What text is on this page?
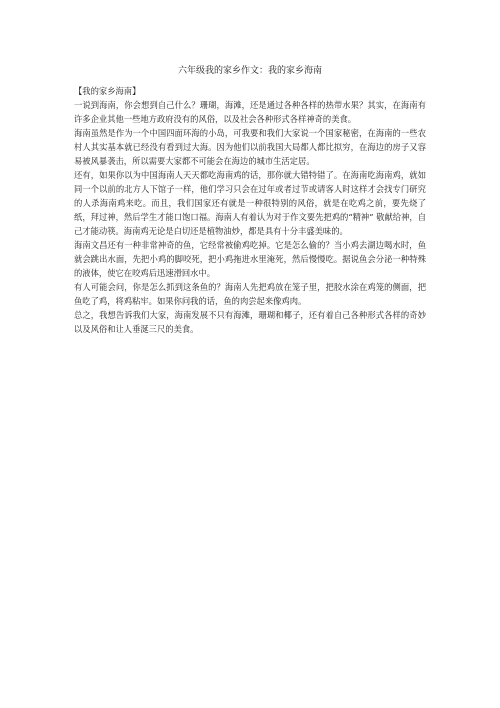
六年级我的家乡作文：我的家乡海南

【我的家乡海南】

一说到海南，你会想到自己什么？珊瑚，海滩，还是通过各种各样的热带水果？其实，在海南有许多企业其他一些地方政府没有的风俗，以及社会各种形式各样神奇的美食。

海南虽然是作为一个中国四面环海的小岛，可我要和我们大家说一个国家秘密，在海南的一些农村人其实基本就已经没有看到过大海。因为他们以前我国大局都人都比拟穷，在海边的房子又容易被风暴袭击，所以需要大家都不可能会在海边的城市生活定居。

还有，如果你以为中国海南人天天都吃海南鸡的话，那你就大错特错了。在海南吃海南鸡，就如同一个以前的北方人下馆子一样，他们学习只会在过年或者过节或请客人时这样才会找专门研究的人杀海南鸡来吃。而且，我们国家还有就是一种很特别的风俗，就是在吃鸡之前，要先烧了纸，拜过神，然后学生才能口饱口福。海南人有着认为对于作文要先把鸡的“精神” 敬献给神，自己才能动筷。海南鸡无论是白切还是植物油炒，都是具有十分丰盛美味的。

海南文昌还有一种非常神奇的鱼，它经常被偷鸡吃掉。它是怎么偷的？当小鸡去湖边喝水时，鱼就会跳出水面，先把小鸡的脚咬死，把小鸡拖进水里淹死，然后慢慢吃。据说鱼会分泌一种特殊的液体，使它在咬鸡后迅速滑回水中。

有人可能会问，你是怎么抓到这条鱼的？海南人先把鸡放在笼子里，把胶水涂在鸡笼的侧面，把鱼吃了鸡，将鸡粘牢。如果你问我的话，鱼的肉尝起来像鸡肉。

总之，我想告诉我们大家，海南发展不只有海滩，珊瑚和椰子，还有着自己各种形式各样的奇妙以及风俗和让人垂涎三尺的美食。
